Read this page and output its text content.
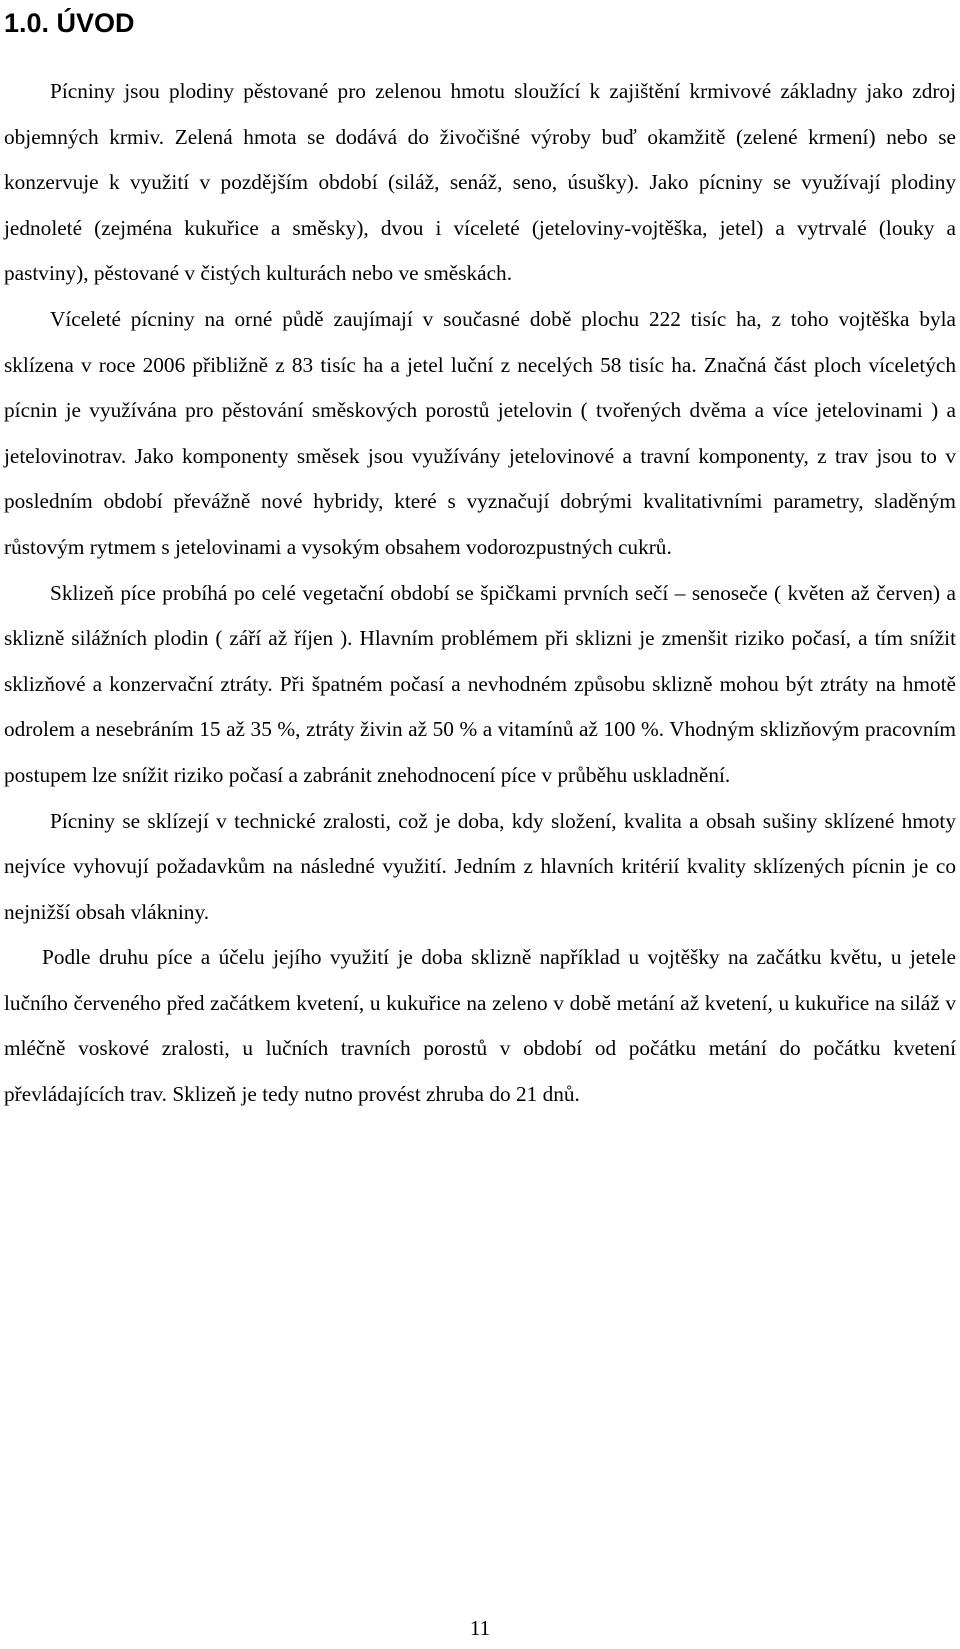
1.0. ÚVOD

Pícniny jsou plodiny pěstované pro zelenou hmotu sloužící k zajištění krmivové základny jako zdroj objemných krmiv. Zelená hmota se dodává do živočišné výroby buď okamžitě (zelené krmení) nebo se konzervuje k využití v pozdějším období (siláž, senáž, seno, úsušky). Jako pícniny se využívají plodiny jednoleté (zejména kukuřice a směsky), dvou i víceleté (jeteloviny-vojtěška, jetel) a vytrvalé (louky a pastviny), pěstované v čistých kulturách nebo ve směskách.

Víceleté pícniny na orné půdě zaujímají v současné době plochu 222 tisíc ha, z toho vojtěška byla sklízena v roce 2006 přibližně z 83 tisíc ha a jetel luční z necelých 58 tisíc ha. Značná část ploch víceletých pícnin je využívána pro pěstování směskových porostů jetelovin ( tvořených dvěma a více jetelovinami ) a jetelovinotrav. Jako komponenty směsek jsou využívány jetelovinové a travní komponenty, z trav jsou to v posledním období převážně nové hybridy, které s vyznačují dobrými kvalitativními parametry, sladěným růstovým rytmem s jetelovinami a vysokým obsahem vodorozpustných cukrů.

Sklizeň píce probíhá po celé vegetační období se špičkami prvních sečí – senoseče ( květen až červen) a sklizně silážních plodin ( září až říjen ). Hlavním problémem při sklizni je zmenšit riziko počasí, a tím snížit sklizňové a konzervační ztráty. Při špatném počasí a nevhodném způsobu sklizně mohou být ztráty na hmotě odrolem a nesebráním 15 až 35 %, ztráty živin až 50 % a vitamínů až 100 %. Vhodným sklizňovým pracovním postupem lze snížit riziko počasí a zabránit znehodnocení píce v průběhu uskladnění.

Pícniny se sklízejí v technické zralosti, což je doba, kdy složení, kvalita a obsah sušiny sklízené hmoty nejvíce vyhovují požadavkům na následné využití. Jedním z hlavních kritérií kvality sklízených pícnin je co nejnižší obsah vlákniny.

Podle druhu píce a účelu jejího využití je doba sklizně například u vojtěšky na začátku květu, u jetele lučního červeného před začátkem kvetení, u kukuřice na zeleno v době metání až kvetení, u kukuřice na siláž v mléčně voskové zralosti, u lučních travních porostů v období od počátku metání do počátku kvetení převládajících trav. Sklizeň je tedy nutno provést zhruba do 21 dnů.

11
